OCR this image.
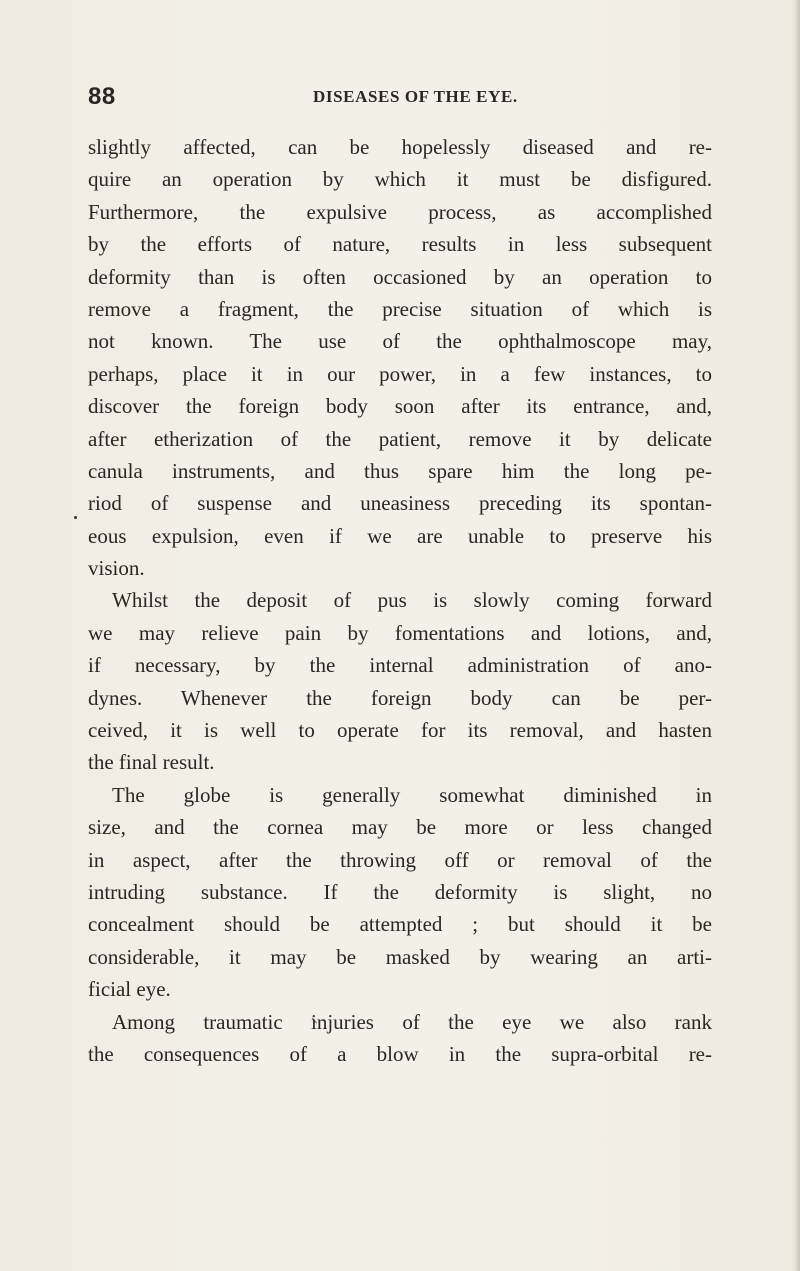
88	DISEASES OF THE EYE.
slightly affected, can be hopelessly diseased and re-
quire an operation by which it must be disfigured.
Furthermore, the expulsive process, as accomplished
by the efforts of nature, results in less subsequent
deformity than is often occasioned by an operation to
remove a fragment, the precise situation of which is
not known. The use of the ophthalmoscope may,
perhaps, place it in our power, in a few instances, to
discover the foreign body soon after its entrance, and,
after etherization of the patient, remove it by delicate
canula instruments, and thus spare him the long pe-
riod of suspense and uneasiness preceding its spontan-
eous expulsion, even if we are unable to preserve his
vision.
Whilst the deposit of pus is slowly coming forward
we may relieve pain by fomentations and lotions, and,
if necessary, by the internal administration of ano-
dynes. Whenever the foreign body can be per-
ceived, it is well to operate for its removal, and hasten
the final result.
The globe is generally somewhat diminished in
size, and the cornea may be more or less changed
in aspect, after the throwing off or removal of the
intruding substance. If the deformity is slight, no
concealment should be attempted ; but should it be
considerable, it may be masked by wearing an arti-
ficial eye.
Among traumatic injuries of the eye we also rank
the consequences of a blow in the supra-orbital re-
